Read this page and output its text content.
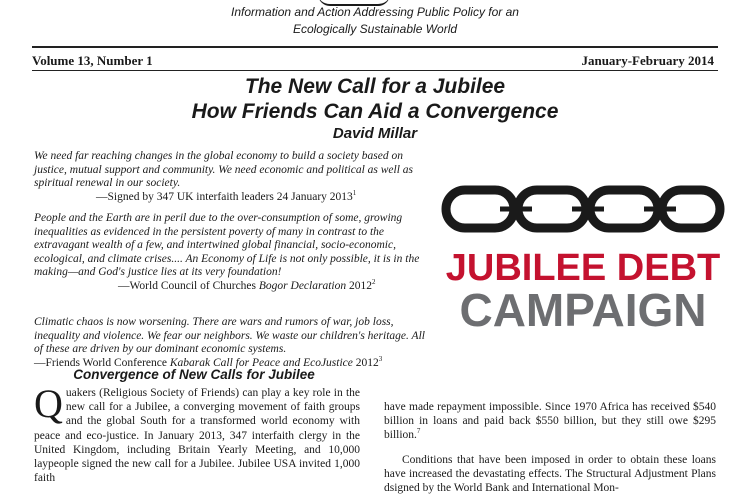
Information and Action Addressing Public Policy for an
Ecologically Sustainable World
Volume 13, Number 1	January-February 2014
The New Call for a Jubilee
How Friends Can Aid a Convergence
David Millar

We need far reaching changes in the global economy to build a society based on justice, mutual support and community. We need economic and political as well as spiritual renewal in our society.

—Signed by 347 UK interfaith leaders 24 January 2013$^1$

People and the Earth are in peril due to the over-consumption of some, growing inequalities as evidenced in the persistent poverty of many in contrast to the extravagant wealth of a few, and intertwined global financial, socio-economic, ecological, and climate crises.... An Economy of Life is not only possible, it is in the making—and God's justice lies at its very foundation!

—World Council of Churches Bogor Declaration 2012$^2$

Climatic chaos is now worsening. There are wars and rumors of war, job loss, inequality and violence. We fear our neighbors. We waste our children's heritage. All of these are driven by our dominant economic systems.

—Friends World Conference Kabarak Call for Peace and EcoJustice 2012$^3$
JUBILEE DEBT
CAMPAIGN
Convergence of New Calls for Jubilee

Quakers (Religious Society of Friends) can play a key role in the new call for a Jubilee, a converging movement of faith groups and the global South for a transformed world economy with peace and eco-justice. In January 2013, 347 interfaith clergy in the United Kingdom, including Britain Yearly Meeting, and 10,000 laypeople signed the new call for a Jubilee. Jubilee USA invited 1,000 faith

have made repayment impossible. Since 1970 Africa has received $540 billion in loans and paid back $550 billion, but they still owe $295 billion.$^7$

Conditions that have been imposed in order to obtain these loans have increased the devastating effects. The Structural Adjustment Plans dsigned by the World Bank and International Mon-
